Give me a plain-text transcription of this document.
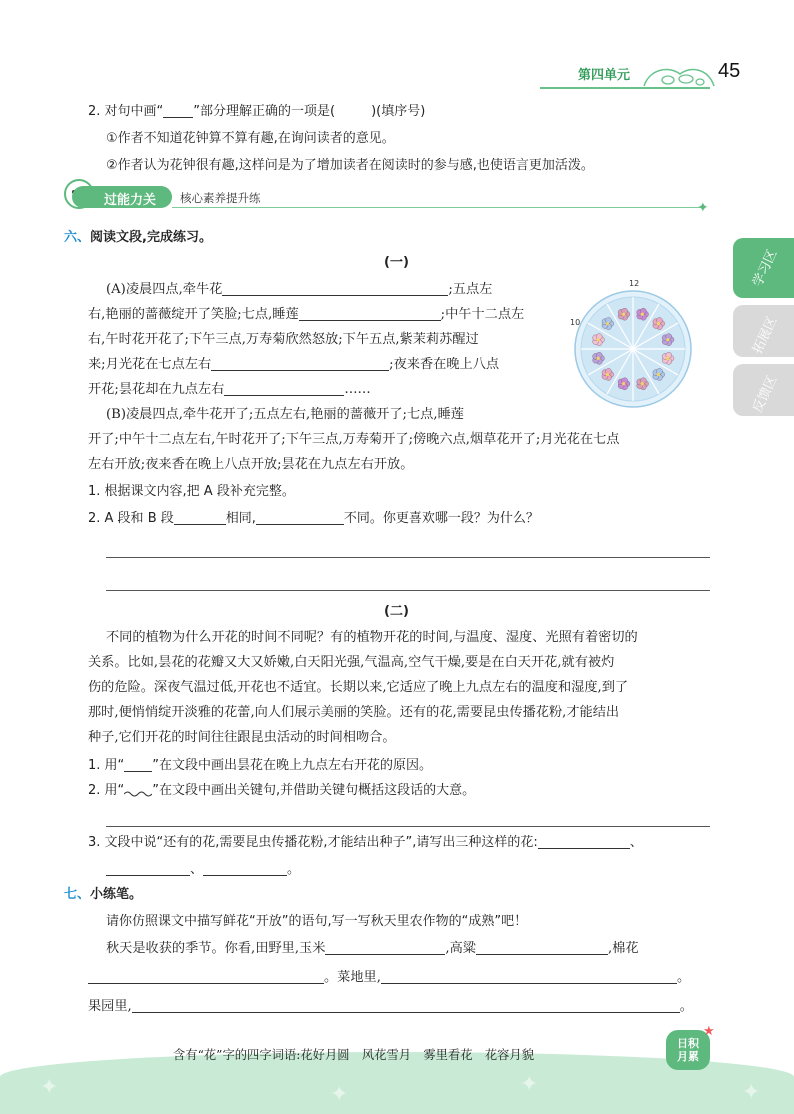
第四单元	45
学习区
拓展区
反馈区
2. 对句中画“ ”部分理解正确的一项是(	)(填序号)
①作者不知道花钟算不算有趣,在询问读者的意见。
②作者认为花钟很有趣,这样问是为了增加读者在阅读时的参与感,也使语言更加活泼。
过能力关 核心素养提升练
✦
六、阅读文段,完成练习。
(一)
(A)凌晨四点,牵牛花	;五点左
右,艳丽的蔷薇绽开了笑脸;七点,睡莲	;中午十二点左
右,午时花开花了;下午三点,万寿菊欣然怒放;下午五点,紫茉莉苏醒过
来;月光花在七点左右	;夜来香在晚上八点
开花;昙花却在九点左右	……
12
10
(B)凌晨四点,牵牛花开了;五点左右,艳丽的蔷薇开了;七点,睡莲
开了;中午十二点左右,午时花开了;下午三点,万寿菊开了;傍晚六点,烟草花开了;月光花在七点
左右开放;夜来香在晚上八点开放;昙花在九点左右开放。
1. 根据课文内容,把 A 段补充完整。
2. A 段和 B 段	相同,	不同。你更喜欢哪一段？为什么？
(二)
不同的植物为什么开花的时间不同呢？有的植物开花的时间,与温度、湿度、光照有着密切的
关系。比如,昙花的花瓣又大又娇嫩,白天阳光强,气温高,空气干燥,要是在白天开花,就有被灼
伤的危险。深夜气温过低,开花也不适宜。长期以来,它适应了晚上九点左右的温度和湿度,到了
那时,便悄悄绽开淡雅的花蕾,向人们展示美丽的笑脸。还有的花,需要昆虫传播花粉,才能结出
种子,它们开花的时间往往跟昆虫活动的时间相吻合。
1. 用“ ”在文段中画出昙花在晚上九点左右开花的原因。
2. 用“ ”在文段中画出关键句,并借助关键句概括这段话的大意。
3. 文段中说“还有的花,需要昆虫传播花粉,才能结出种子”,请写出三种这样的花:	、
、	。
七、小练笔。
请你仿照课文中描写鲜花“开放”的语句,写一写秋天里农作物的“成熟”吧！
秋天是收获的季节。你看,田野里,玉米	,高粱	,棉花
。菜地里,	。
果园里,	。
✦	✦	✦	✦
含有“花”字的四字词语:花好月圆　风花雪月　雾里看花　花容月貌
日积
月累
★
